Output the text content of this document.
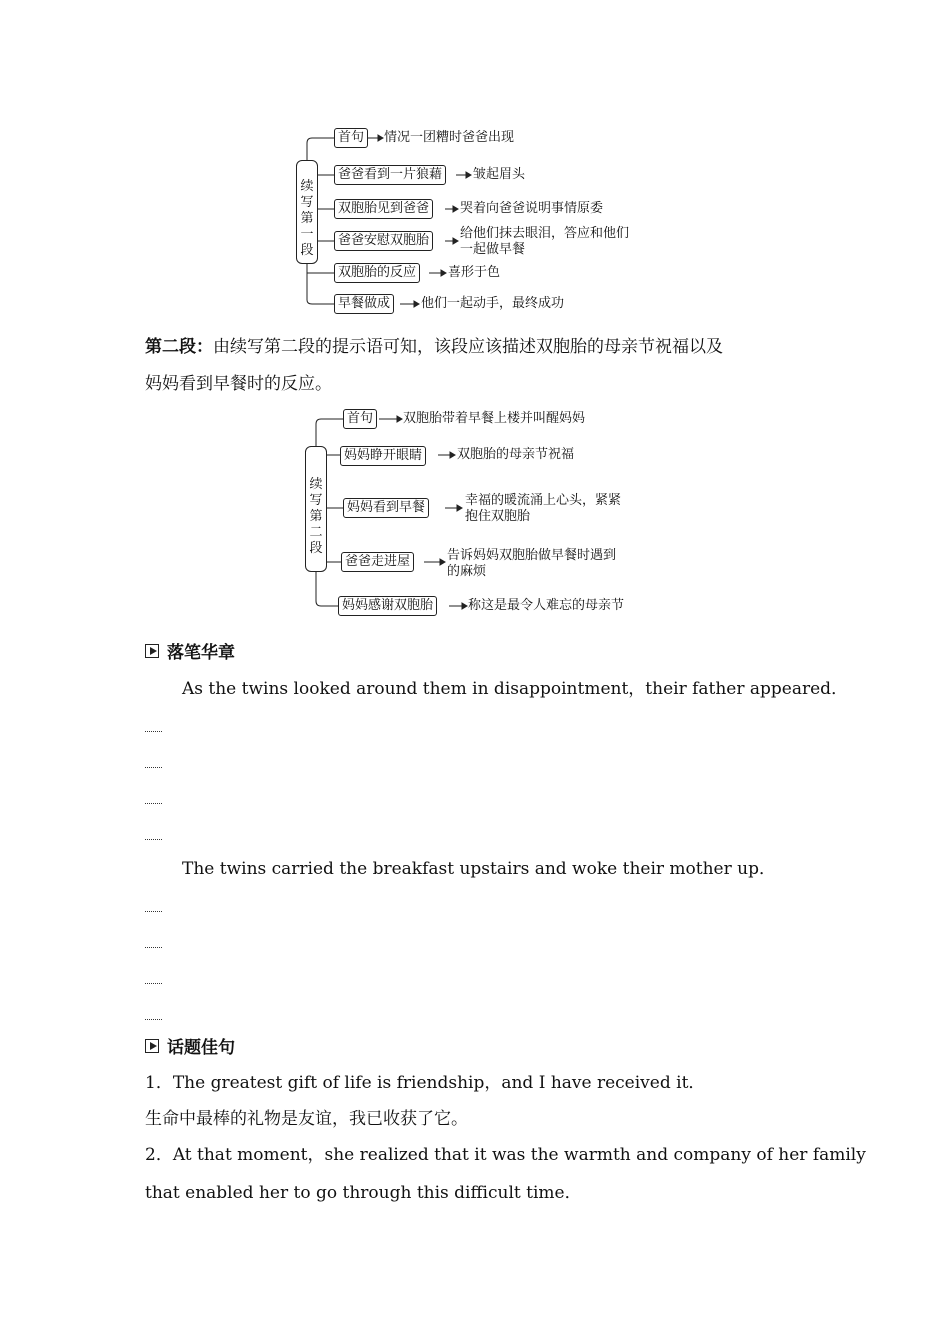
续
写
第
一
段
首句	情况一团糟时爸爸出现
爸爸看到一片狼藉	皱起眉头
双胞胎见到爸爸	哭着向爸爸说明事情原委
爸爸安慰双胞胎	给他们抹去眼泪，答应和他们
一起做早餐
双胞胎的反应	喜形于色
早餐做成	他们一起动手，最终成功
第二段：由续写第二段的提示语可知，该段应该描述双胞胎的母亲节祝福以及
妈妈看到早餐时的反应。
续
写
第
二
段
首句	双胞胎带着早餐上楼并叫醒妈妈
妈妈睁开眼睛	双胞胎的母亲节祝福
妈妈看到早餐	幸福的暖流涌上心头，紧紧
抱住双胞胎
爸爸走进屋	告诉妈妈双胞胎做早餐时遇到
的麻烦
妈妈感谢双胞胎	称这是最令人难忘的母亲节
落笔华章
As the twins looked around them in disappointment，their father appeared．
The twins carried the breakfast upstairs and woke their mother up．
话题佳句
1．The greatest gift of life is friendship，and I have received it．
生命中最棒的礼物是友谊，我已收获了它。
2．At that moment，she realized that it was the warmth and company of her family
that enabled her to go through this difficult time．
